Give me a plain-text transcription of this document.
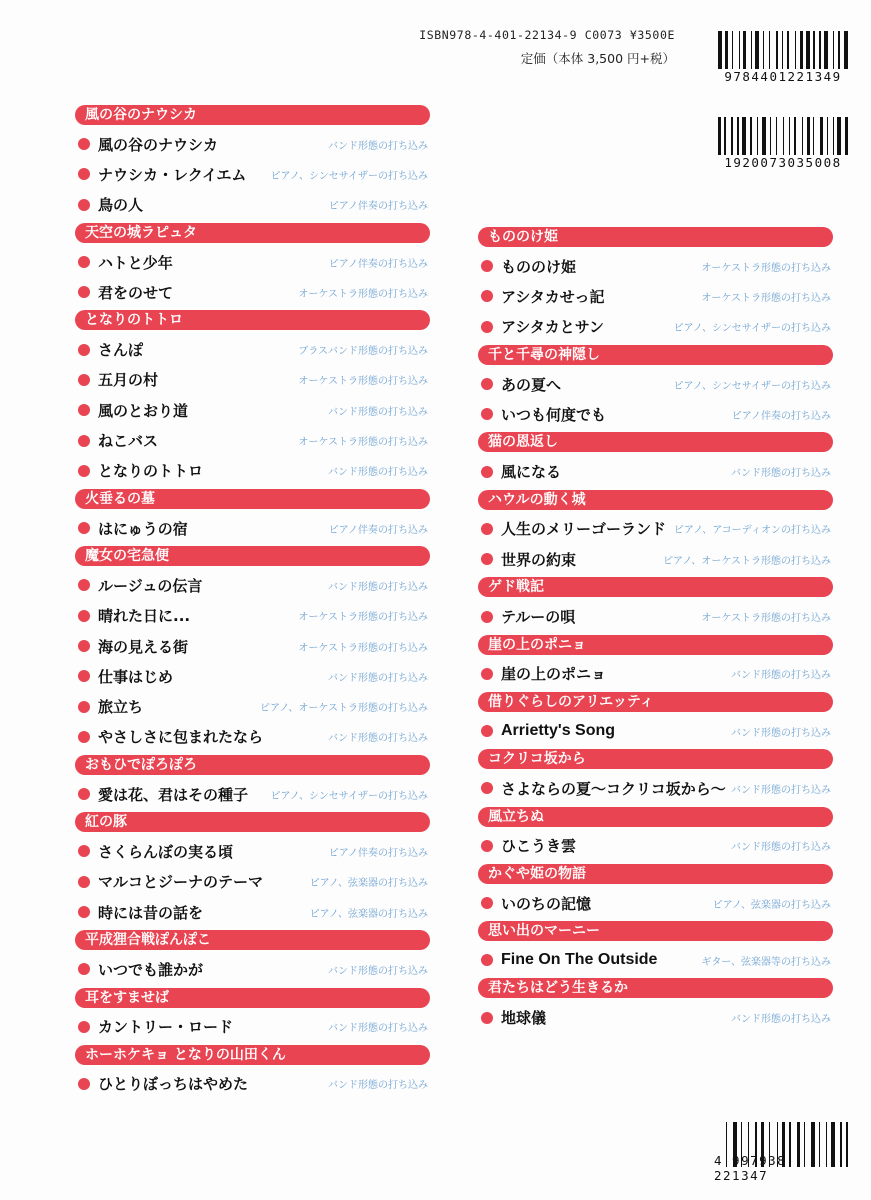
ISBN978-4-401-22134-9 C0073 ¥3500E
定価（本体 3,500 円+税）
9784401221349
1920073035008
4 997938 221347
風の谷のナウシカ
風の谷のナウシカ	バンド形態の打ち込み
ナウシカ・レクイエム ピアノ、シンセサイザーの打ち込み
鳥の人	ピアノ伴奏の打ち込み
天空の城ラピュタ
ハトと少年	ピアノ伴奏の打ち込み
君をのせて	オーケストラ形態の打ち込み
となりのトトロ
さんぽ	ブラスバンド形態の打ち込み
五月の村	オーケストラ形態の打ち込み
風のとおり道	バンド形態の打ち込み
ねこバス	オーケストラ形態の打ち込み
となりのトトロ	バンド形態の打ち込み
火垂るの墓
はにゅうの宿	ピアノ伴奏の打ち込み
魔女の宅急便
ルージュの伝言	バンド形態の打ち込み
晴れた日に...	オーケストラ形態の打ち込み
海の見える街	オーケストラ形態の打ち込み
仕事はじめ	バンド形態の打ち込み
旅立ち	ピアノ、オーケストラ形態の打ち込み
やさしさに包まれたなら	バンド形態の打ち込み
おもひでぽろぽろ
愛は花、君はその種子 ピアノ、シンセサイザーの打ち込み
紅の豚
さくらんぼの実る頃	ピアノ伴奏の打ち込み
マルコとジーナのテーマ	ピアノ、弦楽器の打ち込み
時には昔の話を	ピアノ、弦楽器の打ち込み
平成狸合戦ぽんぽこ
いつでも誰かが	バンド形態の打ち込み
耳をすませば
カントリー・ロード	バンド形態の打ち込み
ホーホケキョ となりの山田くん
ひとりぼっちはやめた	バンド形態の打ち込み
もののけ姫
もののけ姫	オーケストラ形態の打ち込み
アシタカせっ記	オーケストラ形態の打ち込み
アシタカとサン	ピアノ、シンセサイザーの打ち込み
千と千尋の神隠し
あの夏へ	ピアノ、シンセサイザーの打ち込み
いつも何度でも	ピアノ伴奏の打ち込み
猫の恩返し
風になる	バンド形態の打ち込み
ハウルの動く城
人生のメリーゴーランド ピアノ、アコーディオンの打ち込み
世界の約束	ピアノ、オーケストラ形態の打ち込み
ゲド戦記
テルーの唄	オーケストラ形態の打ち込み
崖の上のポニョ
崖の上のポニョ	バンド形態の打ち込み
借りぐらしのアリエッティ
Arrietty's Song	バンド形態の打ち込み
コクリコ坂から
さよならの夏〜コクリコ坂から〜 バンド形態の打ち込み
風立ちぬ
ひこうき雲	バンド形態の打ち込み
かぐや姫の物語
いのちの記憶	ピアノ、弦楽器の打ち込み
思い出のマーニー
Fine On The Outside	ギター、弦楽器等の打ち込み
君たちはどう生きるか
地球儀	バンド形態の打ち込み
